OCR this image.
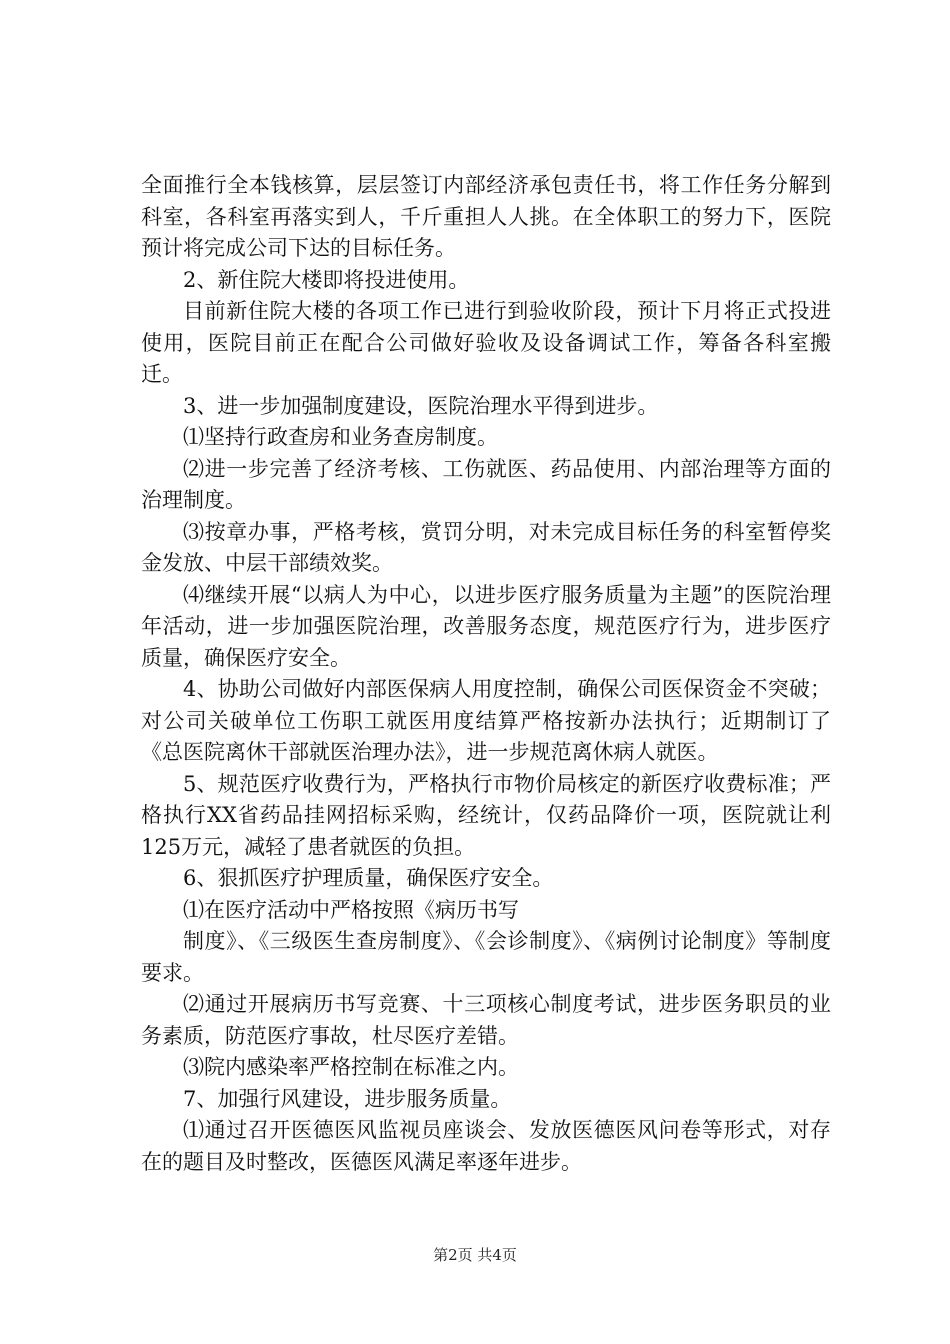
全面推行全本钱核算，层层签订内部经济承包责任书，将工作任务分解到科室，各科室再落实到人，千斤重担人人挑。在全体职工的努力下，医院预计将完成公司下达的目标任务。

2、新住院大楼即将投进使用。

目前新住院大楼的各项工作已进行到验收阶段，预计下月将正式投进使用，医院目前正在配合公司做好验收及设备调试工作，筹备各科室搬迁。

3、进一步加强制度建设，医院治理水平得到进步。

⑴坚持行政查房和业务查房制度。

⑵进一步完善了经济考核、工伤就医、药品使用、内部治理等方面的治理制度。

⑶按章办事，严格考核，赏罚分明，对未完成目标任务的科室暂停奖金发放、中层干部绩效奖。

⑷继续开展“以病人为中心，以进步医疗服务质量为主题”的医院治理年活动，进一步加强医院治理，改善服务态度，规范医疗行为，进步医疗质量，确保医疗安全。

4、协助公司做好内部医保病人用度控制，确保公司医保资金不突破；对公司关破单位工伤职工就医用度结算严格按新办法执行；近期制订了《总医院离休干部就医治理办法》，进一步规范离休病人就医。

5、规范医疗收费行为，严格执行市物价局核定的新医疗收费标准；严格执行XX省药品挂网招标采购，经统计，仅药品降价一项，医院就让利125万元，减轻了患者就医的负担。

6、狠抓医疗护理质量，确保医疗安全。

⑴在医疗活动中严格按照《病历书写

制度》、《三级医生查房制度》、《会诊制度》、《病例讨论制度》等制度要求。

⑵通过开展病历书写竞赛、十三项核心制度考试，进步医务职员的业务素质，防范医疗事故，杜尽医疗差错。

⑶院内感染率严格控制在标准之内。

7、加强行风建设，进步服务质量。

⑴通过召开医德医风监视员座谈会、发放医德医风问卷等形式，对存在的题目及时整改，医德医风满足率逐年进步。

第2页 共4页
